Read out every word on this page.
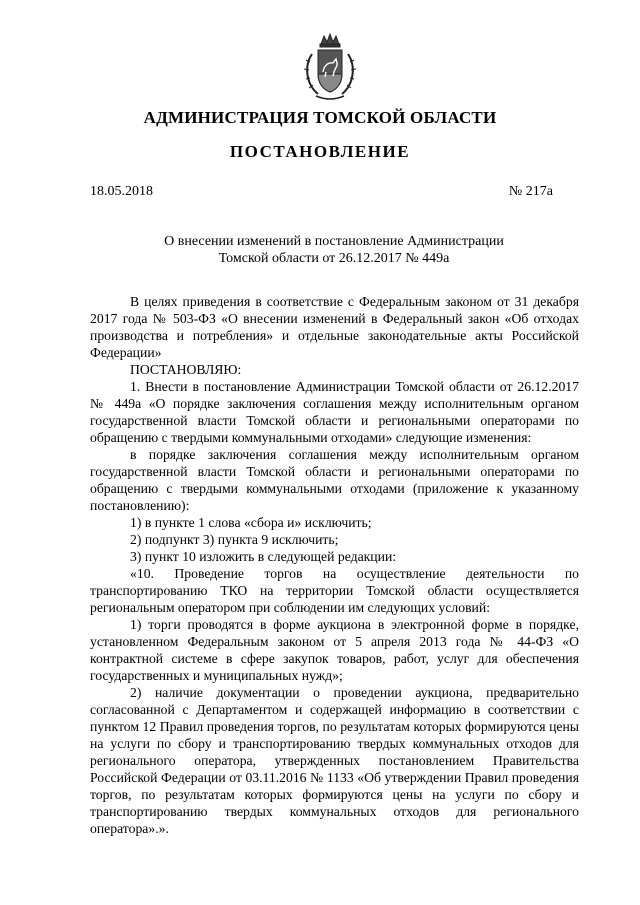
АДМИНИСТРАЦИЯ ТОМСКОЙ ОБЛАСТИ
ПОСТАНОВЛЕНИЕ
18.05.2018	№ 217а
О внесении изменений в постановление Администрации
Томской области от 26.12.2017 № 449а

В целях приведения в соответствие с Федеральным законом от 31 декабря 2017 года № 503-ФЗ «О внесении изменений в Федеральный закон «Об отходах производства и потребления» и отдельные законодательные акты Российской Федерации»

ПОСТАНОВЛЯЮ:

1. Внести в постановление Администрации Томской области от 26.12.2017 № 449а «О порядке заключения соглашения между исполнительным органом государственной власти Томской области и региональными операторами по обращению с твердыми коммунальными отходами» следующие изменения:

в порядке заключения соглашения между исполнительным органом государственной власти Томской области и региональными операторами по обращению с твердыми коммунальными отходами (приложение к указанному постановлению):

1) в пункте 1 слова «сбора и» исключить;

2) подпункт 3) пункта 9 исключить;

3) пункт 10 изложить в следующей редакции:

«10. Проведение торгов на осуществление деятельности по транспортированию ТКО на территории Томской области осуществляется региональным оператором при соблюдении им следующих условий:

1) торги проводятся в форме аукциона в электронной форме в порядке, установленном Федеральным законом от 5 апреля 2013 года № 44-ФЗ «О контрактной системе в сфере закупок товаров, работ, услуг для обеспечения государственных и муниципальных нужд»;

2) наличие документации о проведении аукциона, предварительно согласованной с Департаментом и содержащей информацию в соответствии с пунктом 12 Правил проведения торгов, по результатам которых формируются цены на услуги по сбору и транспортированию твердых коммунальных отходов для регионального оператора, утвержденных постановлением Правительства Российской Федерации от 03.11.2016 № 1133 «Об утверждении Правил проведения торгов, по результатам которых формируются цены на услуги по сбору и транспортированию твердых коммунальных отходов для регионального оператора».».
